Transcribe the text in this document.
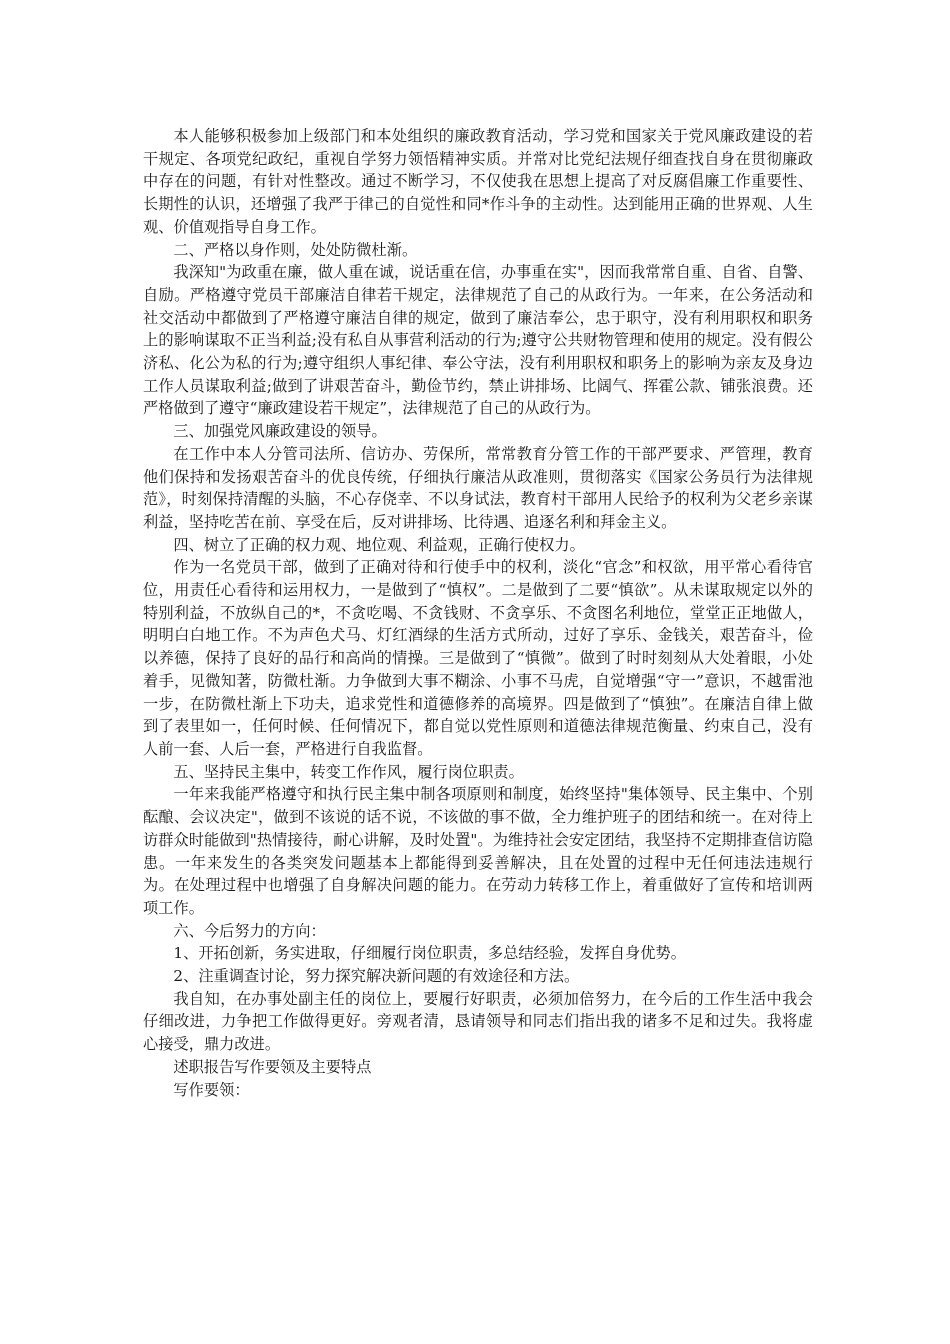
本人能够积极参加上级部门和本处组织的廉政教育活动，学习党和国家关于党风廉政建设的若干规定、各项党纪政纪，重视自学努力领悟精神实质。并常对比党纪法规仔细查找自身在贯彻廉政中存在的问题，有针对性整改。通过不断学习，不仅使我在思想上提高了对反腐倡廉工作重要性、长期性的认识，还增强了我严于律己的自觉性和同*作斗争的主动性。达到能用正确的世界观、人生观、价值观指导自身工作。

二、严格以身作则，处处防微杜渐。

我深知"为政重在廉，做人重在诚，说话重在信，办事重在实"，因而我常常自重、自省、自警、自励。严格遵守党员干部廉洁自律若干规定，法律规范了自己的从政行为。一年来，在公务活动和社交活动中都做到了严格遵守廉洁自律的规定，做到了廉洁奉公，忠于职守，没有利用职权和职务上的影响谋取不正当利益;没有私自从事营利活动的行为;遵守公共财物管理和使用的规定。没有假公济私、化公为私的行为;遵守组织人事纪律、奉公守法，没有利用职权和职务上的影响为亲友及身边工作人员谋取利益;做到了讲艰苦奋斗，勤俭节约，禁止讲排场、比阔气、挥霍公款、铺张浪费。还严格做到了遵守“廉政建设若干规定”，法律规范了自己的从政行为。

三、加强党风廉政建设的领导。

在工作中本人分管司法所、信访办、劳保所，常常教育分管工作的干部严要求、严管理，教育他们保持和发扬艰苦奋斗的优良传统，仔细执行廉洁从政准则，贯彻落实《国家公务员行为法律规范》，时刻保持清醒的头脑，不心存侥幸、不以身试法，教育村干部用人民给予的权利为父老乡亲谋利益，坚持吃苦在前、享受在后，反对讲排场、比待遇、追逐名利和拜金主义。

四、树立了正确的权力观、地位观、利益观，正确行使权力。

作为一名党员干部，做到了正确对待和行使手中的权利，淡化“官念”和权欲，用平常心看待官位，用责任心看待和运用权力，一是做到了“慎权”。二是做到了二要“慎欲”。从未谋取规定以外的特别利益，不放纵自己的*，不贪吃喝、不贪钱财、不贪享乐、不贪图名利地位，堂堂正正地做人，明明白白地工作。不为声色犬马、灯红酒绿的生活方式所动，过好了享乐、金钱关，艰苦奋斗，俭以养德，保持了良好的品行和高尚的情操。三是做到了“慎微”。做到了时时刻刻从大处着眼，小处着手，见微知著，防微杜渐。力争做到大事不糊涂、小事不马虎，自觉增强“守一”意识，不越雷池一步，在防微杜渐上下功夫，追求党性和道德修养的高境界。四是做到了“慎独”。在廉洁自律上做到了表里如一，任何时候、任何情况下，都自觉以党性原则和道德法律规范衡量、约束自己，没有人前一套、人后一套，严格进行自我监督。

五、坚持民主集中，转变工作作风，履行岗位职责。

一年来我能严格遵守和执行民主集中制各项原则和制度，始终坚持"集体领导、民主集中、个别酝酿、会议决定"，做到不该说的话不说，不该做的事不做，全力维护班子的团结和统一。在对待上访群众时能做到"热情接待，耐心讲解，及时处置"。为维持社会安定团结，我坚持不定期排查信访隐患。一年来发生的各类突发问题基本上都能得到妥善解决，且在处置的过程中无任何违法违规行为。在处理过程中也增强了自身解决问题的能力。在劳动力转移工作上，着重做好了宣传和培训两项工作。

六、今后努力的方向：

1、开拓创新，务实进取，仔细履行岗位职责，多总结经验，发挥自身优势。

2、注重调查讨论，努力探究解决新问题的有效途径和方法。

我自知，在办事处副主任的岗位上，要履行好职责，必须加倍努力，在今后的工作生活中我会仔细改进，力争把工作做得更好。旁观者清，恳请领导和同志们指出我的诸多不足和过失。我将虚心接受，鼎力改进。

述职报告写作要领及主要特点

写作要领：
